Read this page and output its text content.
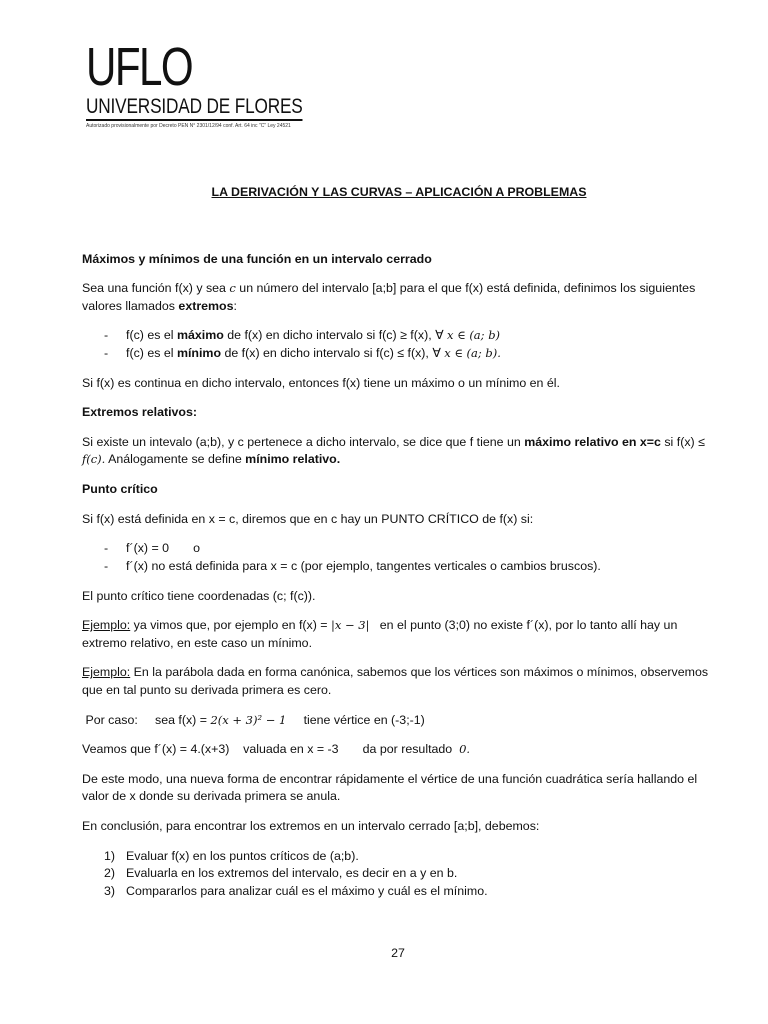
UFLO
UNIVERSIDAD DE FLORES
Autorizado provisionalmente por Decreto PEN N° 2301/12/94 conf. Art. 64 inc "C" Ley 24521
LA DERIVACIÓN Y LAS CURVAS – APLICACIÓN A PROBLEMAS
Máximos y mínimos de una función en un intervalo cerrado

Sea una función f(x) y sea c un número del intervalo [a;b] para el que f(x) está definida, definimos los siguientes valores llamados extremos:

- f(c) es el máximo de f(x) en dicho intervalo si f(c) ≥ f(x), ∀ x ∈ (a; b)
- f(c) es el mínimo de f(x) en dicho intervalo si f(c) ≤ f(x), ∀ x ∈ (a; b).

Si f(x) es continua en dicho intervalo, entonces f(x) tiene un máximo o un mínimo en él.

Extremos relativos:

Si existe un intevalo (a;b), y c pertenece a dicho intervalo, se dice que f tiene un máximo relativo en x=c si f(x) ≤ f(c). Análogamente se define mínimo relativo.

Punto crítico

Si f(x) está definida en x = c, diremos que en c hay un PUNTO CRÍTICO de f(x) si:

- f´(x) = 0       o
- f´(x) no está definida para x = c (por ejemplo, tangentes verticales o cambios bruscos).

El punto crítico tiene coordenadas (c; f(c)).

Ejemplo: ya vimos que, por ejemplo en f(x) = |x − 3|   en el punto (3;0) no existe f´(x), por lo tanto allí hay un extremo relativo, en este caso un mínimo.

Ejemplo: En la parábola dada en forma canónica, sabemos que los vértices son máximos o mínimos, observemos que en tal punto su derivada primera es cero.

Por caso:     sea f(x) = 2(x + 3)² − 1     tiene vértice en (-3;-1)

Veamos que f´(x) = 4.(x+3)    valuada en x = -3       da por resultado  0.

De este modo, una nueva forma de encontrar rápidamente el vértice de una función cuadrática sería hallando el valor de x donde su derivada primera se anula.

En conclusión, para encontrar los extremos en un intervalo cerrado [a;b], debemos:

1) Evaluar f(x) en los puntos críticos de (a;b).
2) Evaluarla en los extremos del intervalo, es decir en a y en b.
3) Compararlos para analizar cuál es el máximo y cuál es el mínimo.
27
